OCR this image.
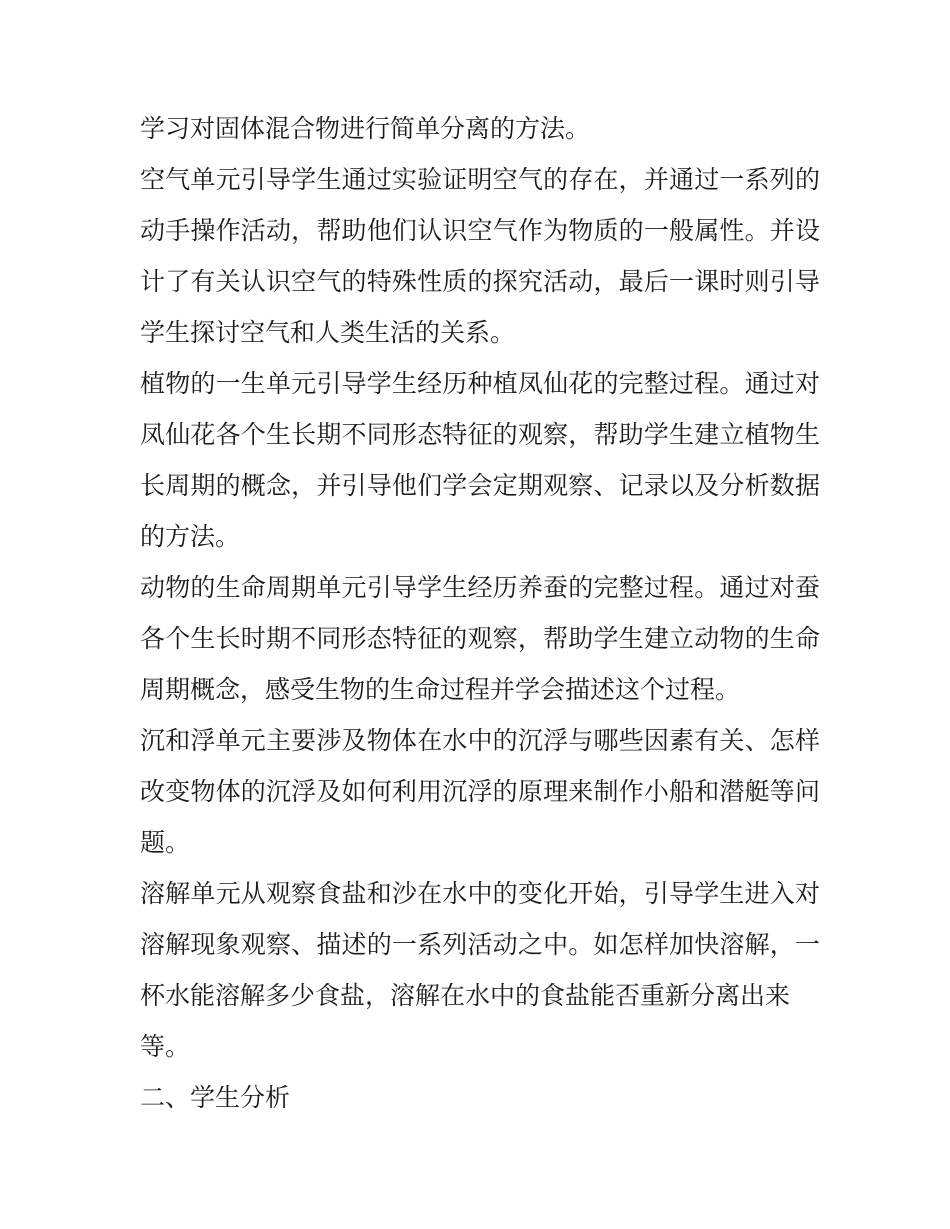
学习对固体混合物进行简单分离的方法。
空气单元引导学生通过实验证明空气的存在，并通过一系列的
动手操作活动，帮助他们认识空气作为物质的一般属性。并设
计了有关认识空气的特殊性质的探究活动，最后一课时则引导
学生探讨空气和人类生活的关系。
植物的一生单元引导学生经历种植凤仙花的完整过程。通过对
凤仙花各个生长期不同形态特征的观察，帮助学生建立植物生
长周期的概念，并引导他们学会定期观察、记录以及分析数据
的方法。
动物的生命周期单元引导学生经历养蚕的完整过程。通过对蚕
各个生长时期不同形态特征的观察，帮助学生建立动物的生命
周期概念，感受生物的生命过程并学会描述这个过程。
沉和浮单元主要涉及物体在水中的沉浮与哪些因素有关、怎样
改变物体的沉浮及如何利用沉浮的原理来制作小船和潜艇等问
题。
溶解单元从观察食盐和沙在水中的变化开始，引导学生进入对
溶解现象观察、描述的一系列活动之中。如怎样加快溶解，一
杯水能溶解多少食盐，溶解在水中的食盐能否重新分离出来
等。
二、学生分析
